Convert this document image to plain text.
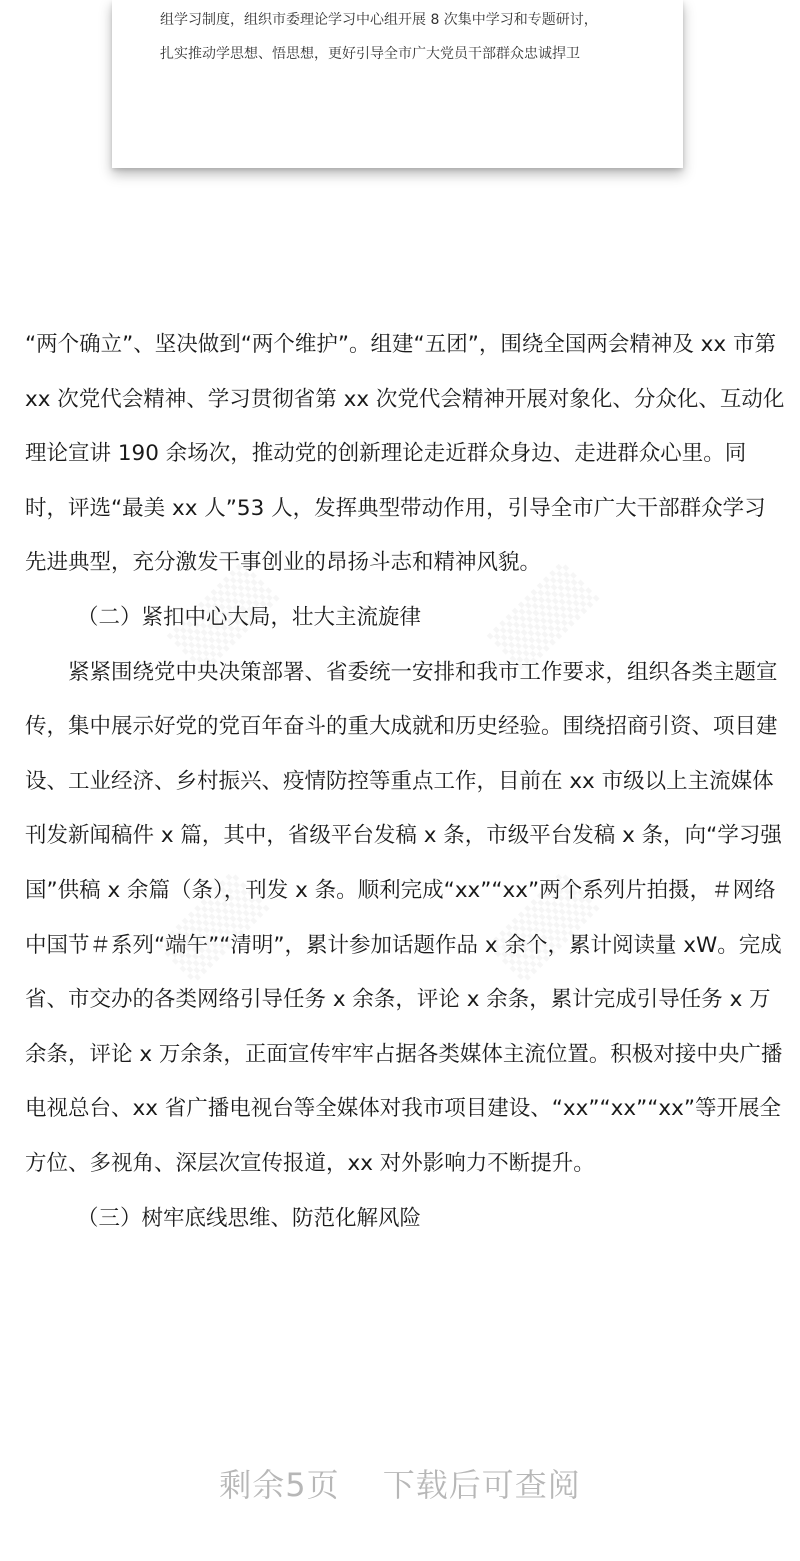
组学习制度，组织市委理论学习中心组开展 8 次集中学习和专题研讨，
扎实推动学思想、悟思想，更好引导全市广大党员干部群众忠诚捍卫

“两个确立”、坚决做到“两个维护”。组建“五团”，围绕全国两会精神及 xx 市第 xx 次党代会精神、学习贯彻省第 xx 次党代会精神开展对象化、分众化、互动化理论宣讲 190 余场次，推动党的创新理论走近群众身边、走进群众心里。同时，评选“最美 xx 人”53 人，发挥典型带动作用，引导全市广大干部群众学习先进典型，充分激发干事创业的昂扬斗志和精神风貌。

（二）紧扣中心大局，壮大主流旋律

紧紧围绕党中央决策部署、省委统一安排和我市工作要求，组织各类主题宣传，集中展示好党的党百年奋斗的重大成就和历史经验。围绕招商引资、项目建设、工业经济、乡村振兴、疫情防控等重点工作，目前在 xx 市级以上主流媒体刊发新闻稿件 x 篇，其中，省级平台发稿 x 条，市级平台发稿 x 条，向“学习强国”供稿 x 余篇（条），刊发 x 条。顺利完成“xx”“xx”两个系列片拍摄，＃网络中国节＃系列“端午”“清明”，累计参加话题作品 x 余个，累计阅读量 xW。完成省、市交办的各类网络引导任务 x 余条，评论 x 余条，累计完成引导任务 x 万余条，评论 x 万余条，正面宣传牢牢占据各类媒体主流位置。积极对接中央广播电视总台、xx 省广播电视台等全媒体对我市项目建设、“xx”“xx”“xx”等开展全方位、多视角、深层次宣传报道，xx 对外影响力不断提升。

（三）树牢底线思维、防范化解风险

剩余5页 下载后可查阅
